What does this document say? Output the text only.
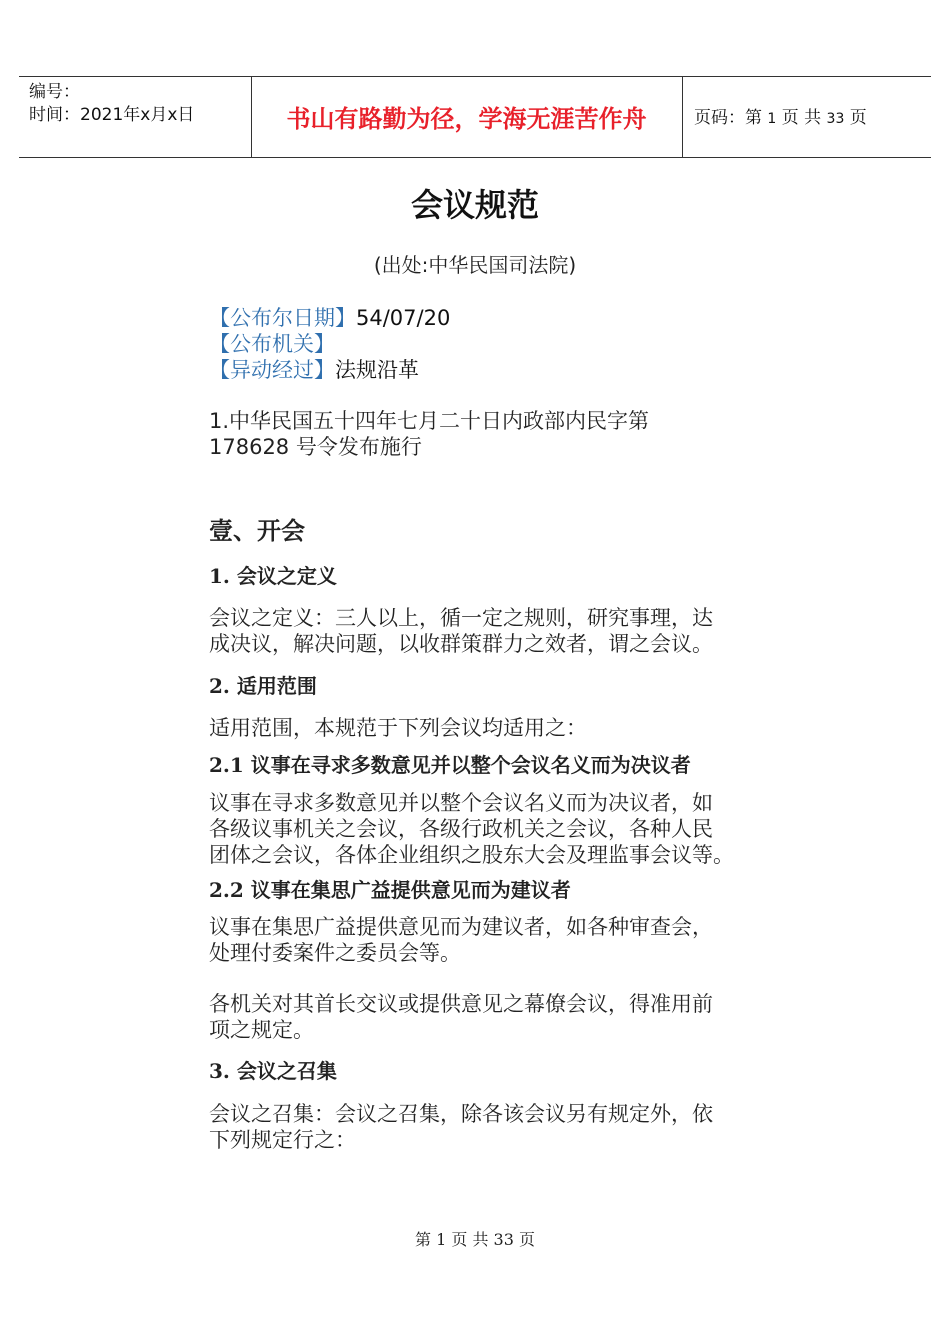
编号：
时间：2021年x月x日	书山有路勤为径，学海无涯苦作舟	页码：第 1 页 共 33 页
会议规范
(出处:中华民国司法院)
【公布尔日期】54/07/20
【公布机关】
【异动经过】法规沿革
1.中华民国五十四年七月二十日内政部内民字第
178628 号令发布施行
壹、开会
1. 会议之定义
会议之定义：三人以上，循一定之规则，研究事理，达
成决议，解决问题，以收群策群力之效者，谓之会议。
2. 适用范围
适用范围，本规范于下列会议均适用之：
2.1 议事在寻求多数意见并以整个会议名义而为决议者
议事在寻求多数意见并以整个会议名义而为决议者，如
各级议事机关之会议，各级行政机关之会议，各种人民
团体之会议，各体企业组织之股东大会及理监事会议等。
2.2 议事在集思广益提供意见而为建议者
议事在集思广益提供意见而为建议者，如各种审查会，
处理付委案件之委员会等。
各机关对其首长交议或提供意见之幕僚会议，得准用前
项之规定。
3. 会议之召集
会议之召集：会议之召集，除各该会议另有规定外，依
下列规定行之：
第 1 页 共 33 页
